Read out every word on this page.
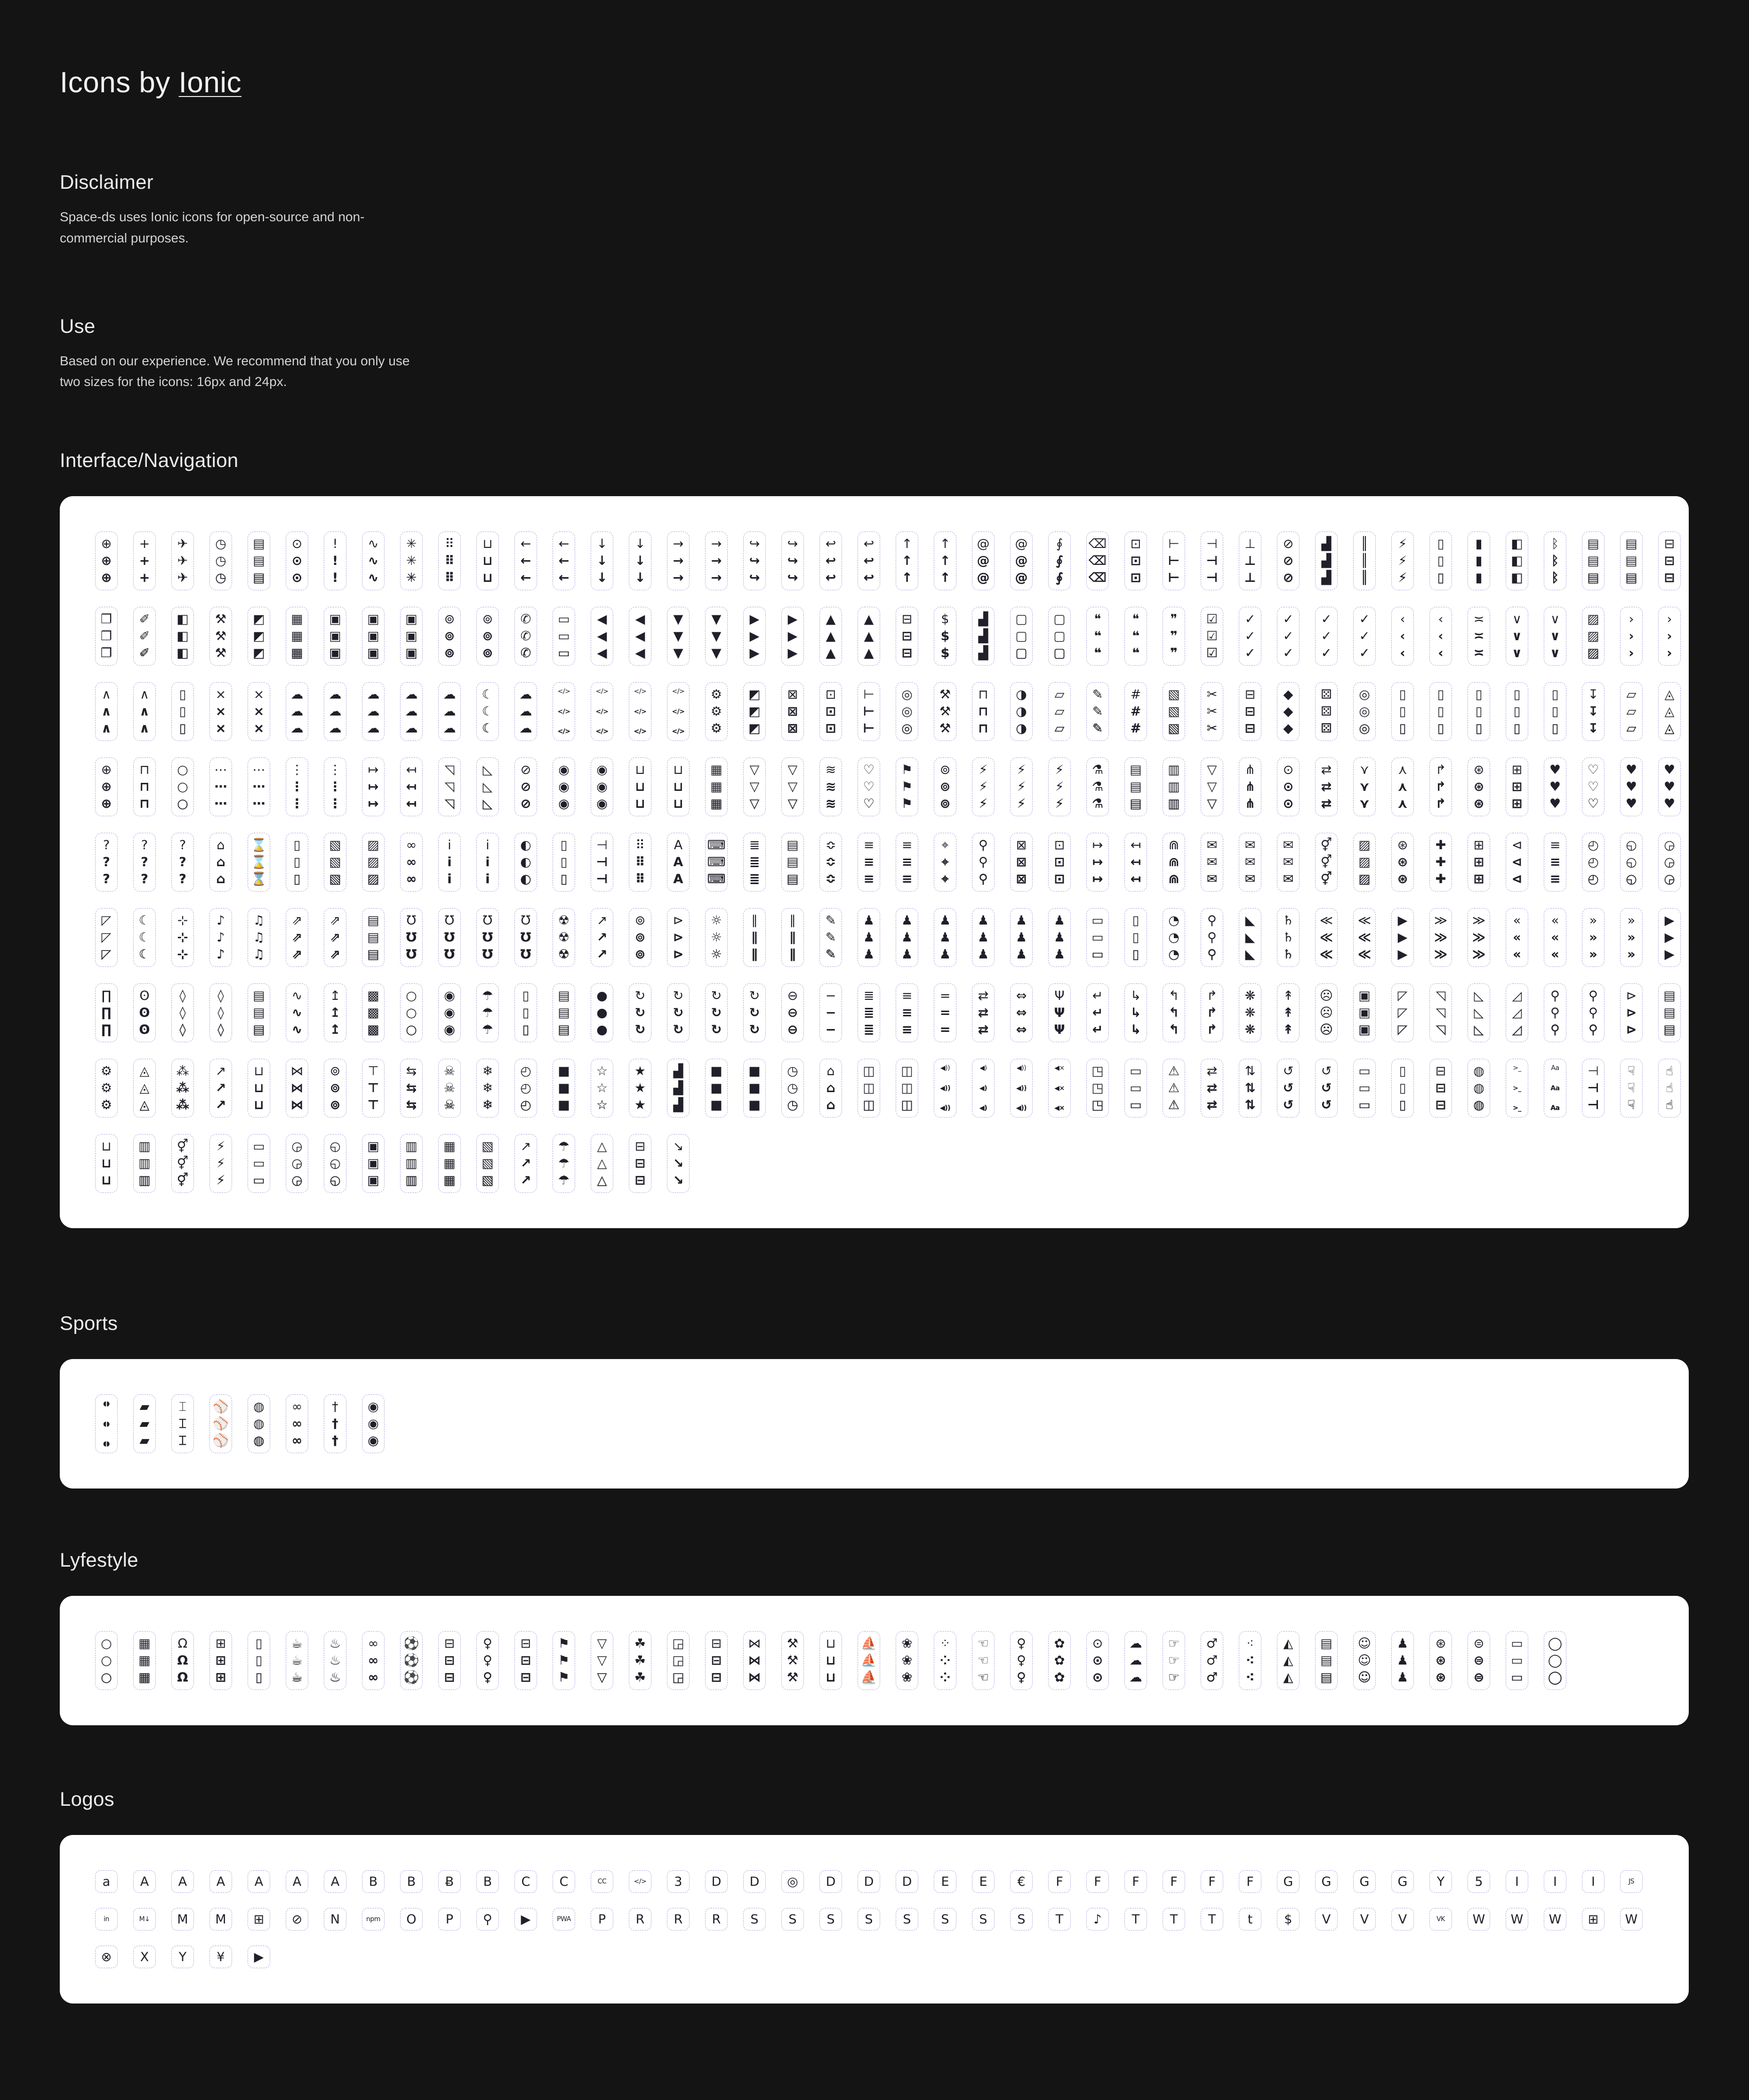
Icons by Ionic
Disclaimer

Space-ds uses Ionic icons for open-source and non-commercial purposes.

Use

Based on our experience. We recommend that you only use two sizes for the icons: 16px and 24px.

Interface/Navigation
⊕
⊕
⊕
+
+
+
✈
✈
✈
◷
◷
◷
▤
▤
▤
⊙
⊙
⊙
!
!
!
∿
∿
∿
✳
✳
✳
⠿
⠿
⠿
⊔
⊔
⊔
←
←
←
←
←
←
↓
↓
↓
↓
↓
↓
→
→
→
→
→
→
↪
↪
↪
↪
↪
↪
↩
↩
↩
↩
↩
↩
↑
↑
↑
↑
↑
↑
@
@
@
@
@
@
∮
∮
∮
⌫
⌫
⌫
⊡
⊡
⊡
⊢
⊢
⊢
⊣
⊣
⊣
⊥
⊥
⊥
⊘
⊘
⊘
▟
▟
▟
║
║
║
⚡
⚡
⚡
▯
▯
▯
▮
▮
▮
◧
◧
◧
ᛒ
ᛒ
ᛒ
▤
▤
▤
▤
▤
▤
⊟
⊟
⊟
❐
❐
❐
✐
✐
✐
◧
◧
◧
⚒
⚒
⚒
◩
◩
◩
▦
▦
▦
▣
▣
▣
▣
▣
▣
▣
▣
▣
⊚
⊚
⊚
⊚
⊚
⊚
✆
✆
✆
▭
▭
▭
◀
◀
◀
◀
◀
◀
▼
▼
▼
▼
▼
▼
▶
▶
▶
▶
▶
▶
▲
▲
▲
▲
▲
▲
⊟
⊟
⊟
$
$
$
▟
▟
▟
▢
▢
▢
▢
▢
▢
❝
❝
❝
❝
❝
❝
❞
❞
❞
☑
☑
☑
✓
✓
✓
✓
✓
✓
✓
✓
✓
✓
✓
✓
‹
‹
‹
‹
‹
‹
≍
≍
≍
∨
∨
∨
∨
∨
∨
▨
▨
▨
›
›
›
›
›
›
∧
∧
∧
∧
∧
∧
▯
▯
▯
×
×
×
×
×
×
☁
☁
☁
☁
☁
☁
☁
☁
☁
☁
☁
☁
☁
☁
☁
☾
☾
☾
☁
☁
☁
</>
</>
</>
</>
</>
</>
</>
</>
</>
</>
</>
</>
⚙
⚙
⚙
◩
◩
◩
⊠
⊠
⊠
⊡
⊡
⊡
⊢
⊢
⊢
◎
◎
◎
⚒
⚒
⚒
⊓
⊓
⊓
◑
◑
◑
▱
▱
▱
✎
✎
✎
#
#
#
▧
▧
▧
✂
✂
✂
⊟
⊟
⊟
◆
◆
◆
⚄
⚄
⚄
◎
◎
◎
▯
▯
▯
▯
▯
▯
▯
▯
▯
▯
▯
▯
▯
▯
▯
↧
↧
↧
▱
▱
▱
◬
◬
◬
⊕
⊕
⊕
⊓
⊓
⊓
○
○
○
⋯
⋯
⋯
⋯
⋯
⋯
⋮
⋮
⋮
⋮
⋮
⋮
↦
↦
↦
↤
↤
↤
◹
◹
◹
◺
◺
◺
⊘
⊘
⊘
◉
◉
◉
◉
◉
◉
⊔
⊔
⊔
⊔
⊔
⊔
▦
▦
▦
▽
▽
▽
▽
▽
▽
≋
≋
≋
♡
♡
♡
⚑
⚑
⚑
⊚
⊚
⊚
⚡
⚡
⚡
⚡
⚡
⚡
⚡
⚡
⚡
⚗
⚗
⚗
▤
▤
▤
▥
▥
▥
▽
▽
▽
⋔
⋔
⋔
⊙
⊙
⊙
⇄
⇄
⇄
⋎
⋎
⋎
⋏
⋏
⋏
↱
↱
↱
⊛
⊛
⊛
⊞
⊞
⊞
♥
♥
♥
♡
♡
♡
♥
♥
♥
♥
♥
♥
?
?
?
?
?
?
?
?
?
⌂
⌂
⌂
⌛
⌛
⌛
▯
▯
▯
▧
▧
▧
▨
▨
▨
∞
∞
∞
i
i
i
i
i
i
◐
◐
◐
▯
▯
▯
⊣
⊣
⊣
⠿
⠿
⠿
A
A
A
⌨
⌨
⌨
≣
≣
≣
▤
▤
▤
≎
≎
≎
≡
≡
≡
≡
≡
≡
⌖
⌖
⌖
⚲
⚲
⚲
⊠
⊠
⊠
⊡
⊡
⊡
↦
↦
↦
↤
↤
↤
⋒
⋒
⋒
✉
✉
✉
✉
✉
✉
✉
✉
✉
⚥
⚥
⚥
▨
▨
▨
⊛
⊛
⊛
✚
✚
✚
⊞
⊞
⊞
⊲
⊲
⊲
≡
≡
≡
◴
◴
◴
◵
◵
◵
◶
◶
◶
◸
◸
◸
☾
☾
☾
⊹
⊹
⊹
♪
♪
♪
♫
♫
♫
⇗
⇗
⇗
⇗
⇗
⇗
▤
▤
▤
Ʊ
Ʊ
Ʊ
Ʊ
Ʊ
Ʊ
Ʊ
Ʊ
Ʊ
Ʊ
Ʊ
Ʊ
☢
☢
☢
↗
↗
↗
⊚
⊚
⊚
⊳
⊳
⊳
☼
☼
☼
∥
∥
∥
∥
∥
∥
✎
✎
✎
♟
♟
♟
♟
♟
♟
♟
♟
♟
♟
♟
♟
♟
♟
♟
♟
♟
♟
▭
▭
▭
▯
▯
▯
◔
◔
◔
⚲
⚲
⚲
◣
◣
◣
♄
♄
♄
≪
≪
≪
≪
≪
≪
▶
▶
▶
≫
≫
≫
≫
≫
≫
«
«
«
«
«
«
»
»
»
»
»
»
▶
▶
▶
∏
∏
∏
ʘ
ʘ
ʘ
◊
◊
◊
◊
◊
◊
▤
▤
▤
∿
∿
∿
↥
↥
↥
▩
▩
▩
○
○
○
◉
◉
◉
☂
☂
☂
▯
▯
▯
▤
▤
▤
●
●
●
↻
↻
↻
↻
↻
↻
↻
↻
↻
↻
↻
↻
⊖
⊖
⊖
−
−
−
≣
≣
≣
≡
≡
≡
=
=
=
⇄
⇄
⇄
⇔
⇔
⇔
Ψ
Ψ
Ψ
↵
↵
↵
↳
↳
↳
↰
↰
↰
↱
↱
↱
❋
❋
❋
↟
↟
↟
☹
☹
☹
▣
▣
▣
◸
◸
◸
◹
◹
◹
◺
◺
◺
◿
◿
◿
⚲
⚲
⚲
⚲
⚲
⚲
⊳
⊳
⊳
▤
▤
▤
⚙
⚙
⚙
◬
◬
◬
⁂
⁂
⁂
↗
↗
↗
⊔
⊔
⊔
⋈
⋈
⋈
⊚
⊚
⊚
⊤
⊤
⊤
⇆
⇆
⇆
☠
☠
☠
❄
❄
❄
◴
◴
◴
■
■
■
☆
☆
☆
★
★
★
▟
▟
▟
■
■
■
■
■
■
◷
◷
◷
⌂
⌂
⌂
◫
◫
◫
◫
◫
◫
◀))
◀))
◀))
◀)
◀)
◀)
◀))
◀))
◀))
◀×
◀×
◀×
◳
◳
◳
▭
▭
▭
⚠
⚠
⚠
⇄
⇄
⇄
⇅
⇅
⇅
↺
↺
↺
↺
↺
↺
▭
▭
▭
▯
▯
▯
⊟
⊟
⊟
◍
◍
◍
>_
>_
>_
Aa
Aa
Aa
⊣
⊣
⊣
☟
☟
☟
☝
☝
☝
⊔
⊔
⊔
▥
▥
▥
⚥
⚥
⚥
⚡
⚡
⚡
▭
▭
▭
◶
◶
◶
◵
◵
◵
▣
▣
▣
▥
▥
▥
▦
▦
▦
▧
▧
▧
↗
↗
↗
☂
☂
☂
△
△
△
⊟
⊟
⊟
↘
↘
↘
Sports
◖◗
◖◗
◖◗
▰
▰
▰
⌶
⌶
⌶
⚾
⚾
⚾
◍
◍
◍
∞
∞
∞
†
†
†
◉
◉
◉
Lyfestyle
○
○
○
▦
▦
▦
Ω
Ω
Ω
⊞
⊞
⊞
▯
▯
▯
☕
☕
☕
♨
♨
♨
∞
∞
∞
⚽
⚽
⚽
⊟
⊟
⊟
♀
♀
♀
⊟
⊟
⊟
⚑
⚑
⚑
▽
▽
▽
☘
☘
☘
◲
◲
◲
⊟
⊟
⊟
⋈
⋈
⋈
⚒
⚒
⚒
⊔
⊔
⊔
⛵
⛵
⛵
❀
❀
❀
⁘
⁘
⁘
☜
☜
☜
♀
♀
♀
✿
✿
✿
⊙
⊙
⊙
☁
☁
☁
☞
☞
☞
♂
♂
♂
⁖
⁖
⁖
◭
◭
◭
▤
▤
▤
☺
☺
☺
♟
♟
♟
⊛
⊛
⊛
⊜
⊜
⊜
▭
▭
▭
◯
◯
◯
Logos
a A A A A A A B B Ƀ B C C	CC	</> 3 D D ◎ D D D E E € F F F F F F G G G G Y 5	I	I	I	JS
in	M↓ M M ⊞ ⊘ N	npm O P ⚲ ▶	PWA P R R R S S S S S S S S T ♪ T T T t $ V V V	VK W W W ⊞ W
⊗ X Y ¥ ▶
